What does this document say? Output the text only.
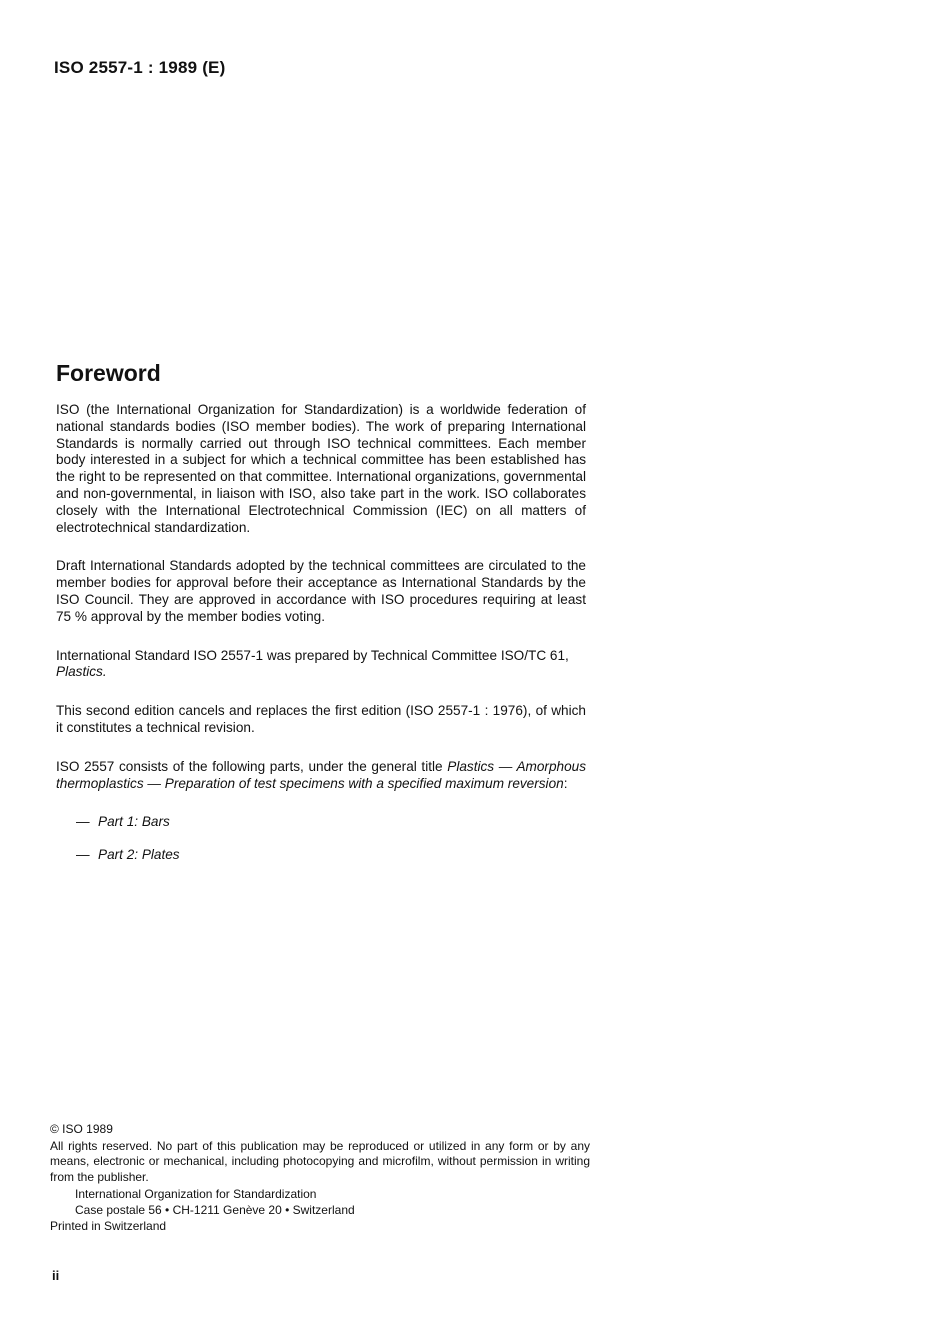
ISO 2557-1 : 1989 (E)
Foreword

ISO (the International Organization for Standardization) is a worldwide federation of national standards bodies (ISO member bodies). The work of preparing International Standards is normally carried out through ISO technical committees. Each member body interested in a subject for which a technical committee has been established has the right to be represented on that committee. International organizations, governmental and non-governmental, in liaison with ISO, also take part in the work. ISO collaborates closely with the International Electrotechnical Commission (IEC) on all matters of electrotechnical standardization.

Draft International Standards adopted by the technical committees are circulated to the member bodies for approval before their acceptance as International Standards by the ISO Council. They are approved in accordance with ISO procedures requiring at least 75 % approval by the member bodies voting.

International Standard ISO 2557-1 was prepared by Technical Committee ISO/TC 61, Plastics.

This second edition cancels and replaces the first edition (ISO 2557-1 : 1976), of which it constitutes a technical revision.

ISO 2557 consists of the following parts, under the general title Plastics — Amorphous thermoplastics — Preparation of test specimens with a specified maximum reversion:

— Part 1: Bars
— Part 2: Plates
© ISO 1989
All rights reserved. No part of this publication may be reproduced or utilized in any form or by any means, electronic or mechanical, including photocopying and microfilm, without permission in writing from the publisher.
International Organization for Standardization
Case postale 56 • CH-1211 Genève 20 • Switzerland
Printed in Switzerland
ii
